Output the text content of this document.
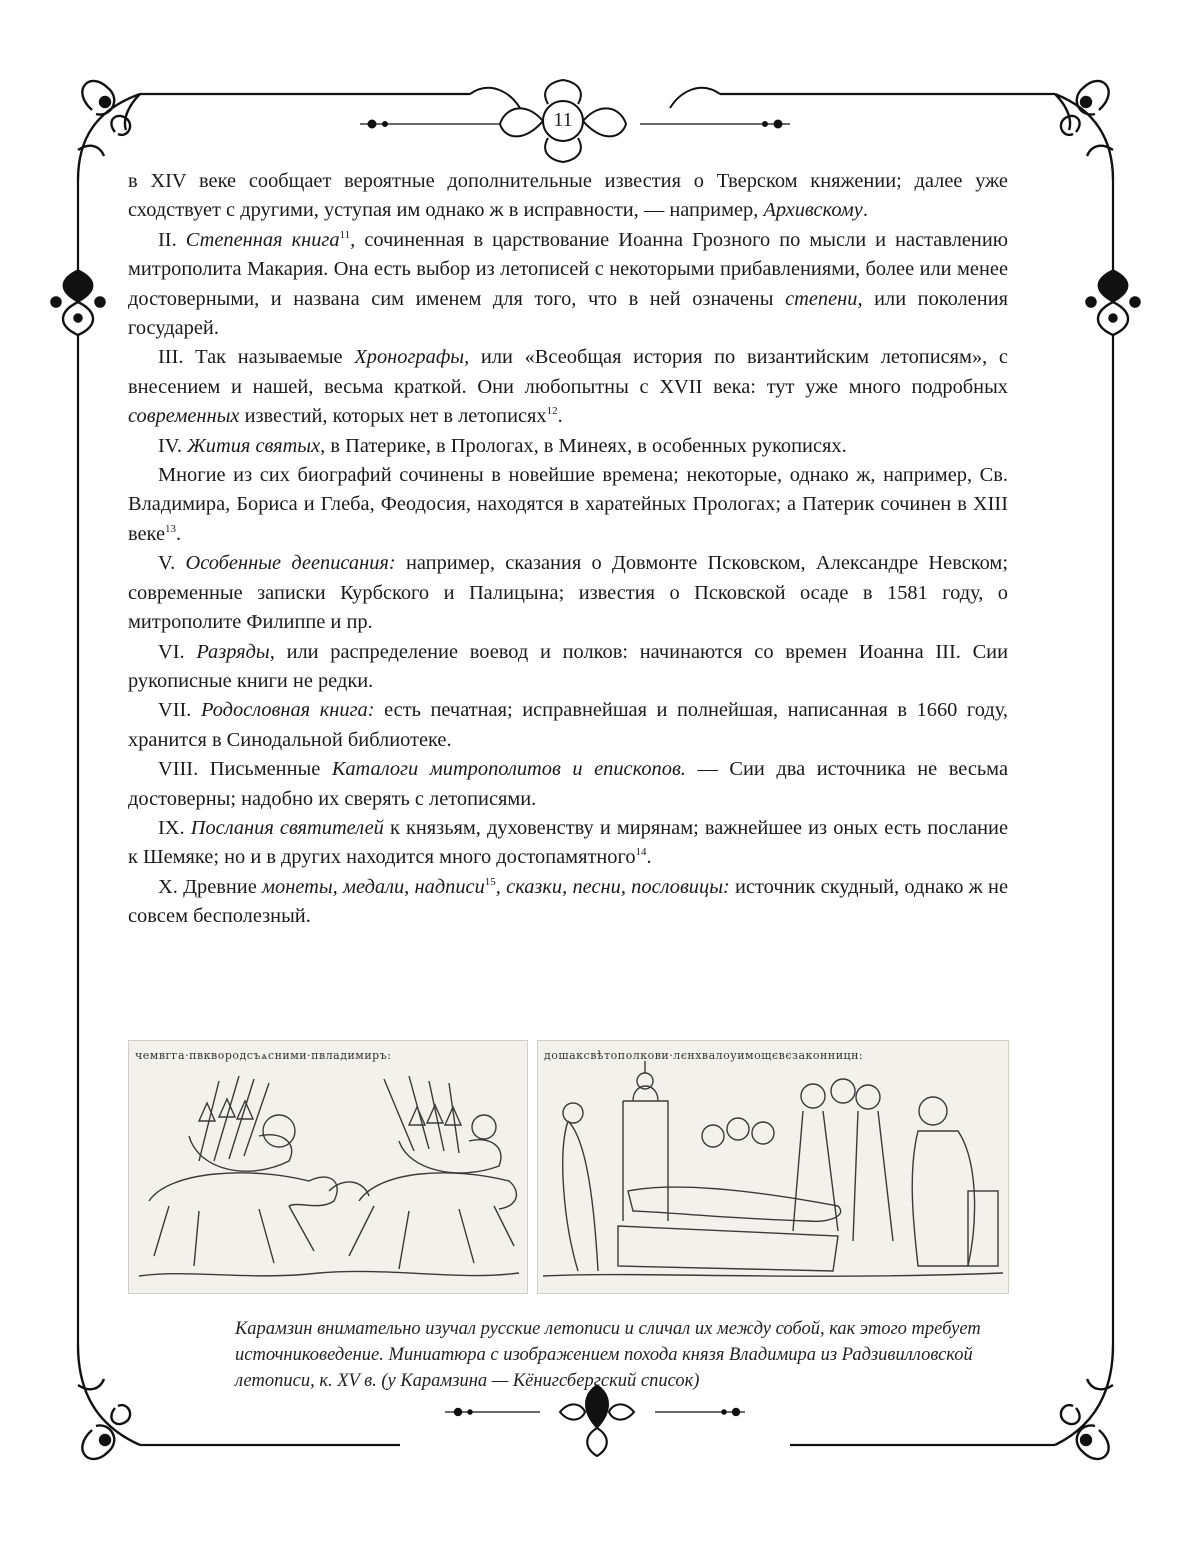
11

в XIV веке сообщает вероятные дополнительные известия о Тверском княжении; далее уже сходствует с другими, уступая им однако ж в исправности, — например, Архивскому.

II. Степенная книга$^{11}$, сочиненная в царствование Иоанна Грозного по мысли и наставлению митрополита Макария. Она есть выбор из летописей с некоторыми прибавлениями, более или менее достоверными, и названа сим именем для того, что в ней означены степени, или поколения государей.

III. Так называемые Хронографы, или «Всеобщая история по византийским летописям», с внесением и нашей, весьма краткой. Они любопытны с XVII века: тут уже много подробных современных известий, которых нет в летописях$^{12}$.

IV. Жития святых, в Патерике, в Прологах, в Минеях, в особенных рукописях.

Многие из сих биографий сочинены в новейшие времена; некоторые, однако ж, например, Св. Владимира, Бориса и Глеба, Феодосия, находятся в харатейных Прологах; а Патерик сочинен в XIII веке$^{13}$.

V. Особенные дееписания: например, сказания о Довмонте Псковском, Александре Невском; современные записки Курбского и Палицына; известия о Псковской осаде в 1581 году, о митрополите Филиппе и пр.

VI. Разряды, или распределение воевод и полков: начинаются со времен Иоанна III. Сии рукописные книги не редки.

VII. Родословная книга: есть печатная; исправнейшая и полнейшая, написанная в 1660 году, хранится в Синодальной библиотеке.

VIII. Письменные Каталоги митрополитов и епископов. — Сии два источника не весьма достоверны; надобно их сверять с летописями.

IX. Послания святителей к князьям, духовенству и мирянам; важнейшее из оных есть послание к Шемяке; но и в других находится много достопамятного$^{14}$.

X. Древние монеты, медали, надписи$^{15}$, сказки, песни, пословицы: источник скудный, однако ж не совсем бесполезный.

чемвгга·пвквородсъѧсними·пвладимиръ:	дошаксвѣтополкови·лєнхвалоуимощєвєзаконницн:
Карамзин внимательно изучал русские летописи и сличал их между собой, как этого требует
источниковедение. Миниатюра с изображением похода князя Владимира из Радзивилловской
летописи, к. XV в. (у Карамзина — Кёнигсбергский список)
